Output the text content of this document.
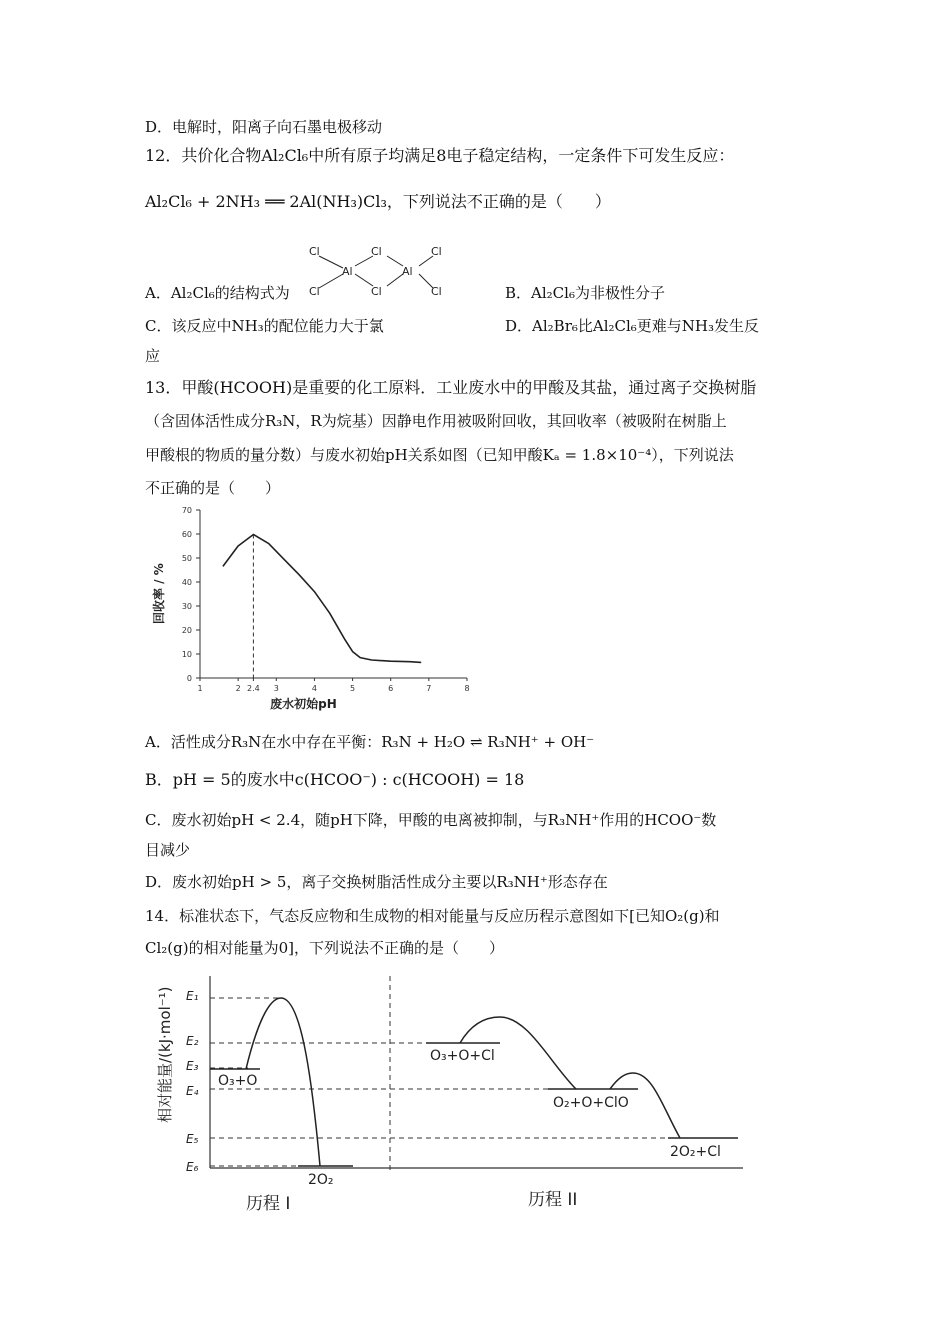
D．电解时，阳离子向石墨电极移动
12．共价化合物Al₂Cl₆中所有原子均满足8电子稳定结构，一定条件下可发生反应：
Al₂Cl₆ + 2NH₃ ══ 2Al(NH₃)Cl₃，下列说法不正确的是（　　）
A．Al₂Cl₆的结构式为
Cl
Cl
Cl
Cl
Cl
Cl
Al	Al
B．Al₂Cl₆为非极性分子
C．该反应中NH₃的配位能力大于氯	D．Al₂Br₆比Al₂Cl₆更难与NH₃发生反
应
13．甲酸(HCOOH)是重要的化工原料．工业废水中的甲酸及其盐，通过离子交换树脂
（含固体活性成分R₃N，R为烷基）因静电作用被吸附回收，其回收率（被吸附在树脂上
甲酸根的物质的量分数）与废水初始pH关系如图（已知甲酸Kₐ = 1.8×10⁻⁴），下列说法
不正确的是（　　）
0
10
20
30
40
50
60
70
1	2 2.4 3	4	5	6	7	8
废水初始pH
回收率 / %
A．活性成分R₃N在水中存在平衡：R₃N + H₂O ⇌ R₃NH⁺ + OH⁻
B．pH = 5的废水中c(HCOO⁻) : c(HCOOH) = 18
C．废水初始pH < 2.4，随pH下降，甲酸的电离被抑制，与R₃NH⁺作用的HCOO⁻数
目减少
D．废水初始pH > 5，离子交换树脂活性成分主要以R₃NH⁺形态存在
14．标准状态下，气态反应物和生成物的相对能量与反应历程示意图如下[已知O₂(g)和
Cl₂(g)的相对能量为0]，下列说法不正确的是（　　）
相对能量/(kJ·mol⁻¹) E₁
E₂
E₃
E₄
E₅
E₆
O₃+O
2O₂
历程 I
O₃+O+Cl
O₂+O+ClO
2O₂+Cl
历程 II
